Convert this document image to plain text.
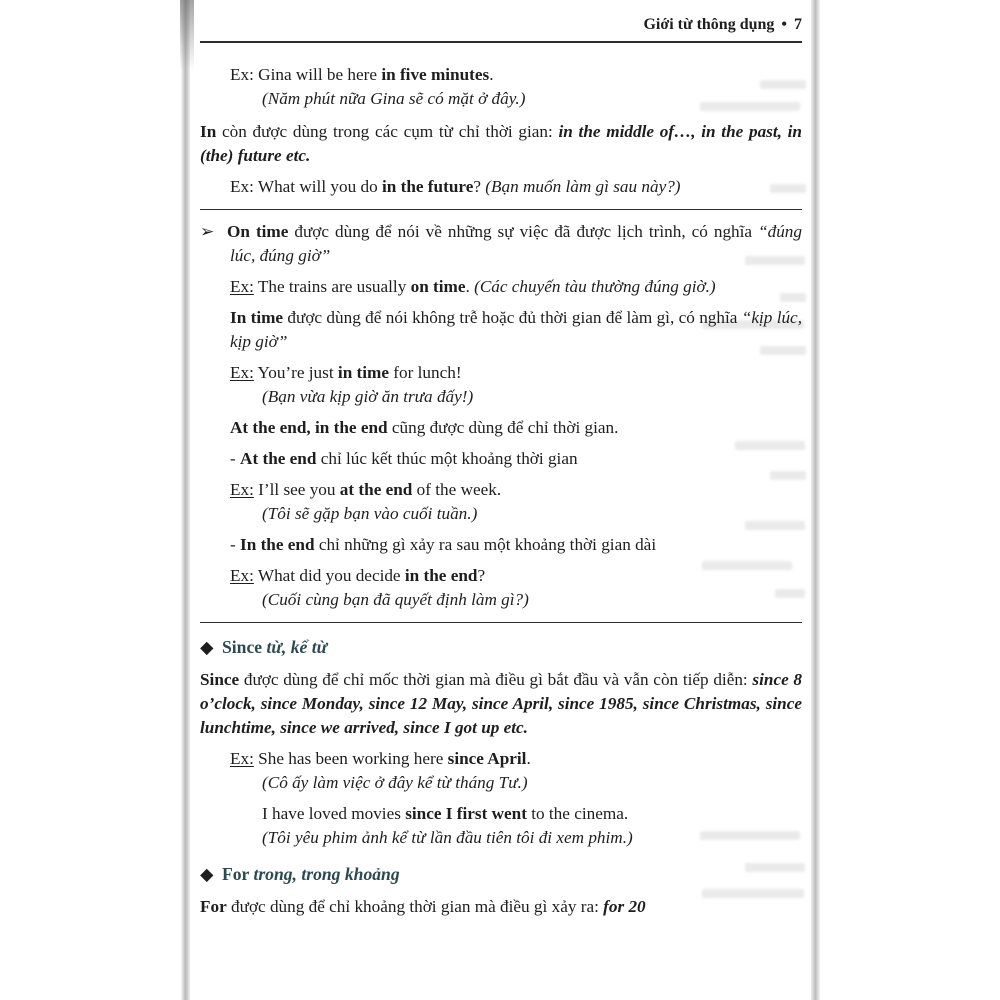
Giới từ thông dụng • 7
Ex: Gina will be here in five minutes.
(Năm phút nữa Gina sẽ có mặt ở đây.)
In còn được dùng trong các cụm từ chỉ thời gian: in the middle of…, in the past, in (the) future etc.
Ex: What will you do in the future? (Bạn muốn làm gì sau này?)
➢ On time được dùng để nói về những sự việc đã được lịch trình, có nghĩa “đúng lúc, đúng giờ”
Ex: The trains are usually on time. (Các chuyến tàu thường đúng giờ.)
In time được dùng để nói không trễ hoặc đủ thời gian để làm gì, có nghĩa “kịp lúc, kịp giờ”
Ex: You’re just in time for lunch!
(Bạn vừa kịp giờ ăn trưa đấy!)
At the end, in the end cũng được dùng để chỉ thời gian.
- At the end chỉ lúc kết thúc một khoảng thời gian
Ex: I’ll see you at the end of the week.
(Tôi sẽ gặp bạn vào cuối tuần.)
- In the end chỉ những gì xảy ra sau một khoảng thời gian dài
Ex: What did you decide in the end?
(Cuối cùng bạn đã quyết định làm gì?)
◆ Since từ, kể từ
Since được dùng để chỉ mốc thời gian mà điều gì bắt đầu và vẫn còn tiếp diễn: since 8 o’clock, since Monday, since 12 May, since April, since 1985, since Christmas, since lunchtime, since we arrived, since I got up etc.
Ex: She has been working here since April.
(Cô ấy làm việc ở đây kể từ tháng Tư.)
I have loved movies since I first went to the cinema.
(Tôi yêu phim ảnh kể từ lần đầu tiên tôi đi xem phim.)
◆ For trong, trong khoảng
For được dùng để chỉ khoảng thời gian mà điều gì xảy ra: for 20
